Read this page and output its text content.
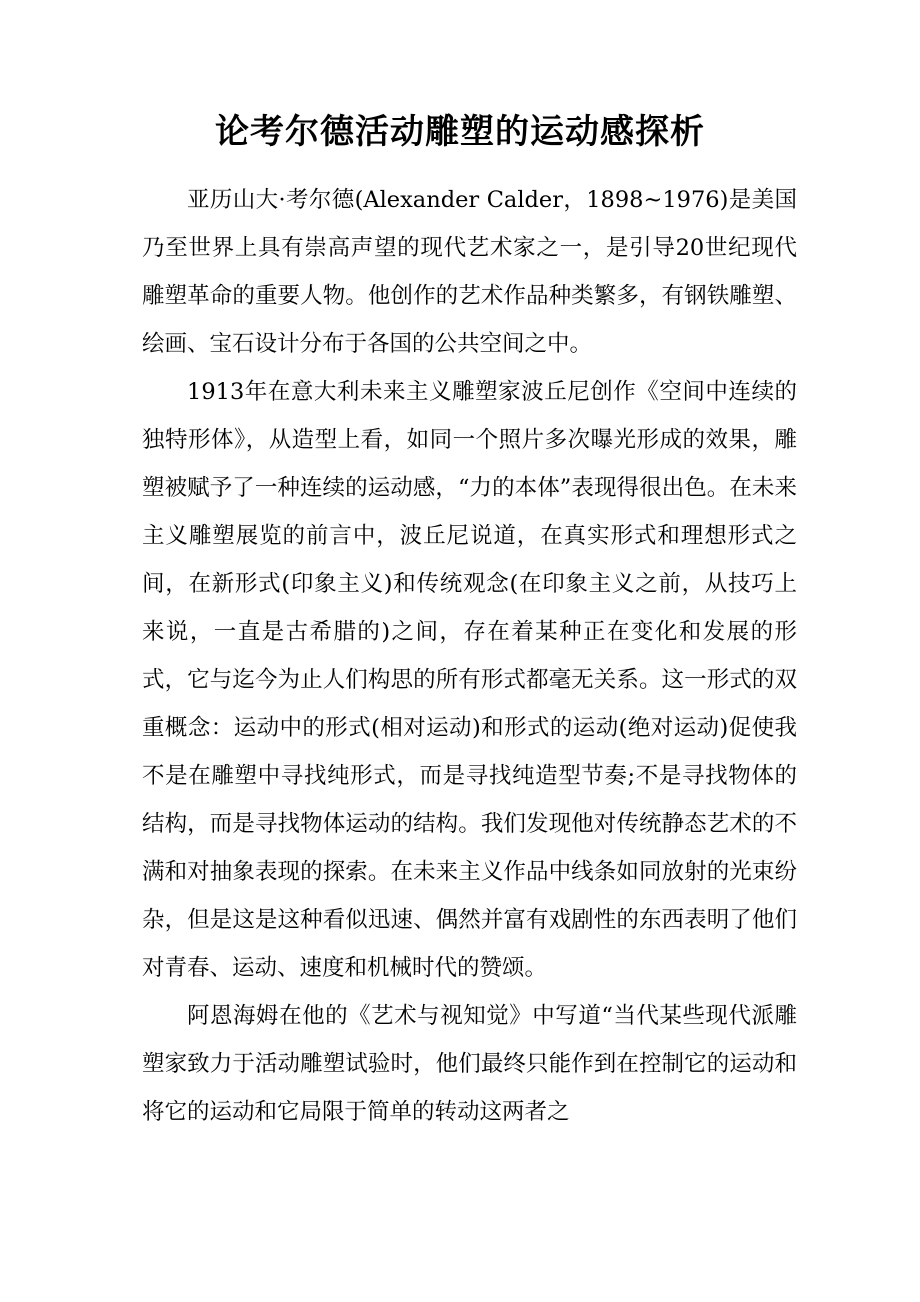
论考尔德活动雕塑的运动感探析

亚历山大·考尔德(Alexander Calder，1898~1976)是美国乃至世界上具有崇高声望的现代艺术家之一，是引导20世纪现代雕塑革命的重要人物。他创作的艺术作品种类繁多，有钢铁雕塑、绘画、宝石设计分布于各国的公共空间之中。

1913年在意大利未来主义雕塑家波丘尼创作《空间中连续的独特形体》，从造型上看，如同一个照片多次曝光形成的效果，雕塑被赋予了一种连续的运动感，“力的本体”表现得很出色。在未来主义雕塑展览的前言中，波丘尼说道，在真实形式和理想形式之间，在新形式(印象主义)和传统观念(在印象主义之前，从技巧上来说，一直是古希腊的)之间，存在着某种正在变化和发展的形式，它与迄今为止人们构思的所有形式都毫无关系。这一形式的双重概念：运动中的形式(相对运动)和形式的运动(绝对运动)促使我不是在雕塑中寻找纯形式，而是寻找纯造型节奏;不是寻找物体的结构，而是寻找物体运动的结构。我们发现他对传统静态艺术的不满和对抽象表现的探索。在未来主义作品中线条如同放射的光束纷杂，但是这是这种看似迅速、偶然并富有戏剧性的东西表明了他们对青春、运动、速度和机械时代的赞颂。

阿恩海姆在他的《艺术与视知觉》中写道“当代某些现代派雕塑家致力于活动雕塑试验时，他们最终只能作到在控制它的运动和将它的运动和它局限于简单的转动这两者之
